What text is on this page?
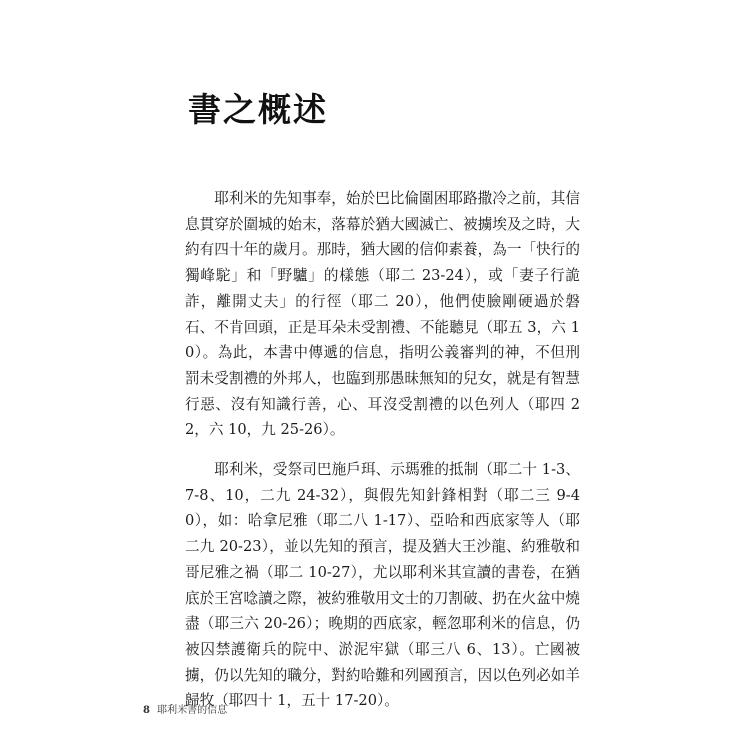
書之概述

耶利米的先知事奉，始於巴比倫圍困耶路撒冷之前，其信息貫穿於圍城的始末，落幕於猶大國滅亡、被擄埃及之時，大約有四十年的歲月。那時，猶大國的信仰素養，為一「快行的獨峰駝」和「野驢」的樣態（耶二 23-24），或「妻子行詭詐，離開丈夫」的行徑（耶二 20），他們使臉剛硬過於磐石、不肯回頭，正是耳朵未受割禮、不能聽見（耶五 3，六 10）。為此，本書中傳遞的信息，指明公義審判的神，不但刑罰未受割禮的外邦人，也臨到那愚昧無知的兒女，就是有智慧行惡、沒有知識行善，心、耳沒受割禮的以色列人（耶四 22，六 10，九 25-26）。

耶利米，受祭司巴施戶珥、示瑪雅的抵制（耶二十 1-3、7-8、10，二九 24-32），與假先知針鋒相對（耶二三 9-40），如：哈拿尼雅（耶二八 1-17）、亞哈和西底家等人（耶二九 20-23），並以先知的預言，提及猶大王沙龍、約雅敬和哥尼雅之禍（耶二 10-27），尤以耶利米其宣讀的書卷，在猶底於王宮唸讀之際，被約雅敬用文士的刀割破、扔在火盆中燒盡（耶三六 20-26）；晚期的西底家，輕忽耶利米的信息，仍被囚禁護衛兵的院中、淤泥牢獄（耶三八 6、13）。亡國被擄，仍以先知的職分，對約哈難和列國預言，因以色列必如羊歸牧（耶四十 1，五十 17-20）。

8 耶利米書的信息
